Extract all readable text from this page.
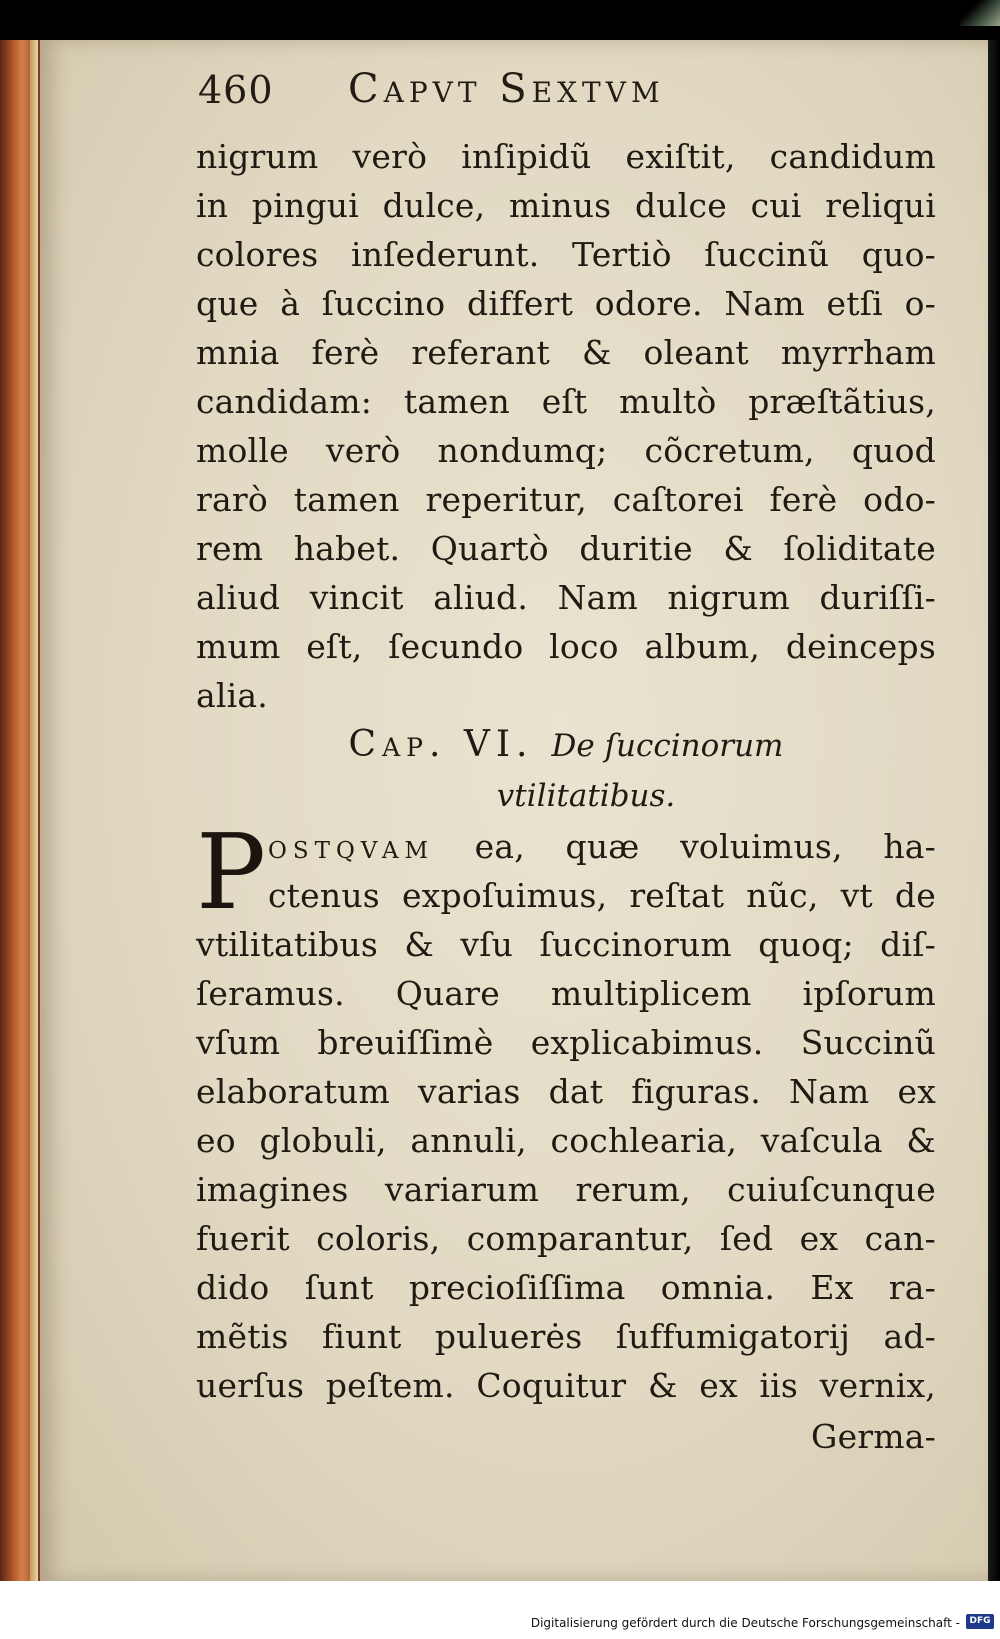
460 Capvt Sextvm
nigrum verò inſipidũ exiſtit, candidum
in pingui dulce, minus dulce cui reliqui
colores inſederunt. Tertiò ſuccinũ quo-
que à ſuccino differt odore. Nam etſi o-
mnia ferè referant & oleant myrrham
candidam: tamen eſt multò præſtãtius,
molle verò nondumq; cõcretum, quod
rarò tamen reperitur, caſtorei ferè odo-
rem habet. Quartò duritie & ſoliditate
aliud vincit aliud. Nam nigrum duriſſi-
mum eſt, ſecundo loco album, deinceps
alia.
Cap. VI. De ſuccinorum
vtilitatibus.
P ostqvam ea, quæ voluimus, ha-
ctenus expoſuimus, reſtat nũc, vt de
vtilitatibus & vſu ſuccinorum quoq; diſ-
ſeramus. Quare multiplicem ipſorum
vſum breuiſſimè explicabimus. Succinũ
elaboratum varias dat figuras. Nam ex
eo globuli, annuli, cochlearia, vaſcula &
imagines variarum rerum, cuiuſcunque
fuerit coloris, comparantur, ſed ex can-
dido ſunt precioſiſſima omnia. Ex ra-
mẽtis fiunt puluerės ſuffumigatorij ad-
uerſus peſtem. Coquitur & ex iis vernix,
Germa-
Digitalisierung gefördert durch die Deutsche Forschungsgemeinschaft -	DFG
